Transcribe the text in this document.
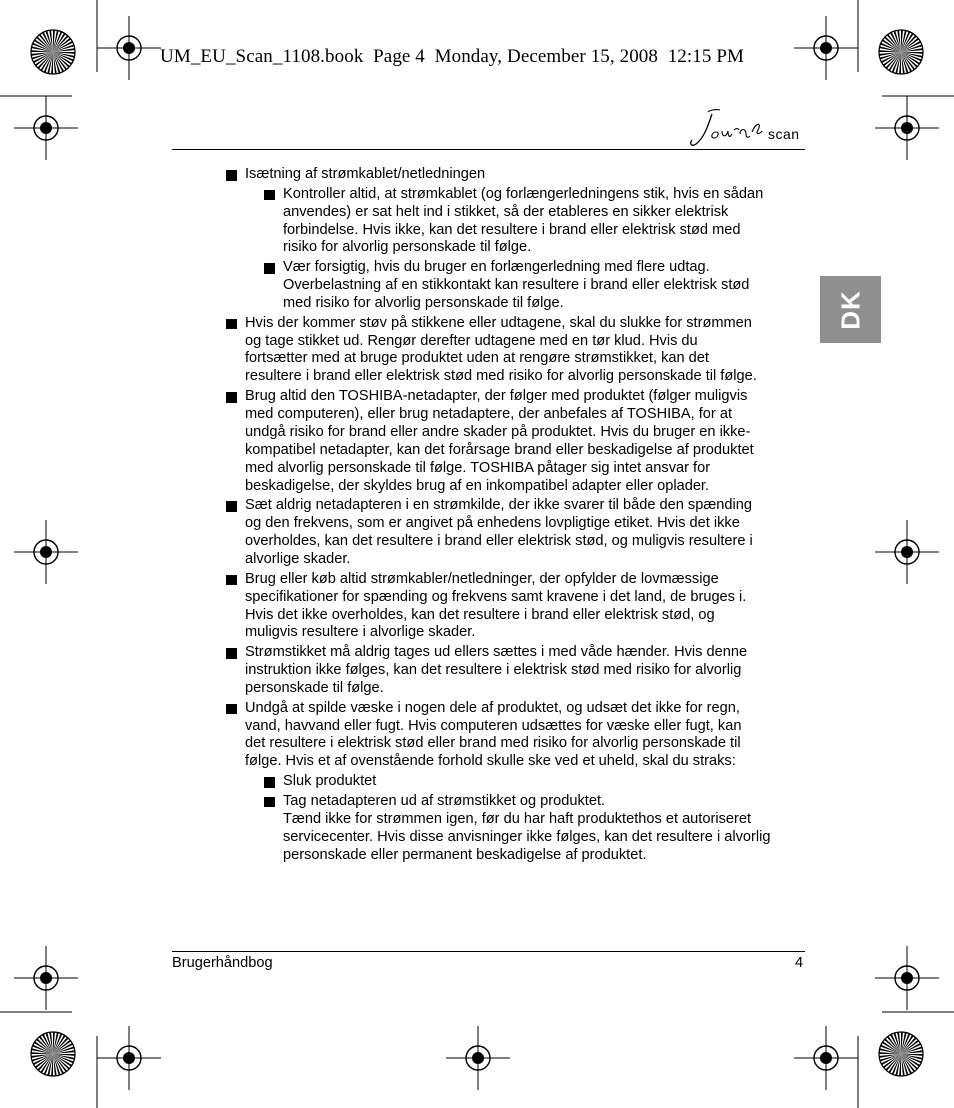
UM_EU_Scan_1108.book  Page 4  Monday, December 15, 2008  12:15 PM
scan
DK
Isætning af strømkablet/netledningen
Kontroller altid, at strømkablet (og forlængerledningens stik, hvis en sådan
anvendes) er sat helt ind i stikket, så der etableres en sikker elektrisk
forbindelse. Hvis ikke, kan det resultere i brand eller elektrisk stød med
risiko for alvorlig personskade til følge.
Vær forsigtig, hvis du bruger en forlængerledning med flere udtag.
Overbelastning af en stikkontakt kan resultere i brand eller elektrisk stød
med risiko for alvorlig personskade til følge.
Hvis der kommer støv på stikkene eller udtagene, skal du slukke for strømmen
og tage stikket ud. Rengør derefter udtagene med en tør klud. Hvis du
fortsætter med at bruge produktet uden at rengøre strømstikket, kan det
resultere i brand eller elektrisk stød med risiko for alvorlig personskade til følge.
Brug altid den TOSHIBA-netadapter, der følger med produktet (følger muligvis
med computeren), eller brug netadaptere, der anbefales af TOSHIBA, for at
undgå risiko for brand eller andre skader på produktet. Hvis du bruger en ikke-
kompatibel netadapter, kan det forårsage brand eller beskadigelse af produktet
med alvorlig personskade til følge. TOSHIBA påtager sig intet ansvar for
beskadigelse, der skyldes brug af en inkompatibel adapter eller oplader.
Sæt aldrig netadapteren i en strømkilde, der ikke svarer til både den spænding
og den frekvens, som er angivet på enhedens lovpligtige etiket. Hvis det ikke
overholdes, kan det resultere i brand eller elektrisk stød, og muligvis resultere i
alvorlige skader.
Brug eller køb altid strømkabler/netledninger, der opfylder de lovmæssige
specifikationer for spænding og frekvens samt kravene i det land, de bruges i.
Hvis det ikke overholdes, kan det resultere i brand eller elektrisk stød, og
muligvis resultere i alvorlige skader.
Strømstikket må aldrig tages ud ellers sættes i med våde hænder. Hvis denne
instruktion ikke følges, kan det resultere i elektrisk stød med risiko for alvorlig
personskade til følge.
Undgå at spilde væske i nogen dele af produktet, og udsæt det ikke for regn,
vand, havvand eller fugt. Hvis computeren udsættes for væske eller fugt, kan
det resultere i elektrisk stød eller brand med risiko for alvorlig personskade til
følge. Hvis et af ovenstående forhold skulle ske ved et uheld, skal du straks:
Sluk produktet
Tag netadapteren ud af strømstikket og produktet.
Tænd ikke for strømmen igen, før du har haft produktethos et autoriseret
servicecenter. Hvis disse anvisninger ikke følges, kan det resultere i alvorlig
personskade eller permanent beskadigelse af produktet.
Brugerhåndbog	4
